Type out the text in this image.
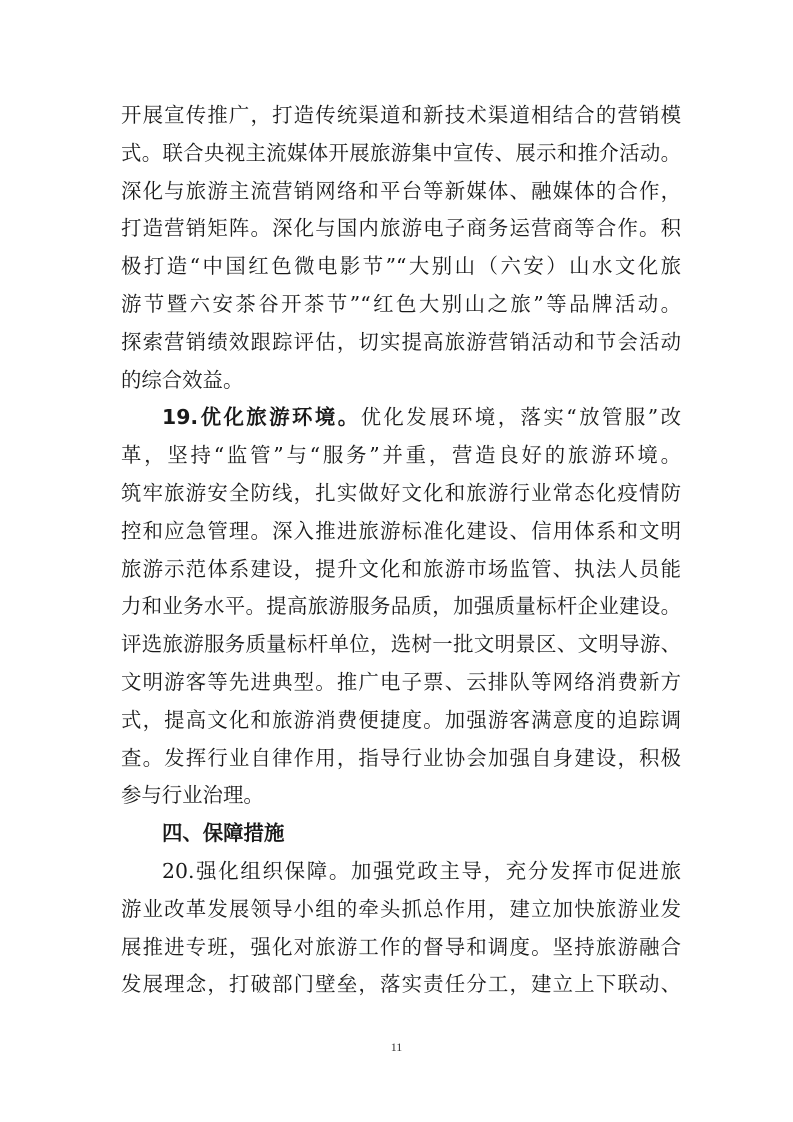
开展宣传推广，打造传统渠道和新技术渠道相结合的营销模
式。联合央视主流媒体开展旅游集中宣传、展示和推介活动。
深化与旅游主流营销网络和平台等新媒体、融媒体的合作，
打造营销矩阵。深化与国内旅游电子商务运营商等合作。积
极打造“中国红色微电影节”“大别山（六安）山水文化旅
游节暨六安茶谷开茶节”“红色大别山之旅”等品牌活动。
探索营销绩效跟踪评估，切实提高旅游营销活动和节会活动
的综合效益。
19.优化旅游环境。优化发展环境，落实“放管服”改
革，坚持“监管”与“服务”并重，营造良好的旅游环境。
筑牢旅游安全防线，扎实做好文化和旅游行业常态化疫情防
控和应急管理。深入推进旅游标准化建设、信用体系和文明
旅游示范体系建设，提升文化和旅游市场监管、执法人员能
力和业务水平。提高旅游服务品质，加强质量标杆企业建设。
评选旅游服务质量标杆单位，选树一批文明景区、文明导游、
文明游客等先进典型。推广电子票、云排队等网络消费新方
式，提高文化和旅游消费便捷度。加强游客满意度的追踪调
查。发挥行业自律作用，指导行业协会加强自身建设，积极
参与行业治理。
四、保障措施
20.强化组织保障。加强党政主导，充分发挥市促进旅
游业改革发展领导小组的牵头抓总作用，建立加快旅游业发
展推进专班，强化对旅游工作的督导和调度。坚持旅游融合
发展理念，打破部门壁垒，落实责任分工，建立上下联动、
11
